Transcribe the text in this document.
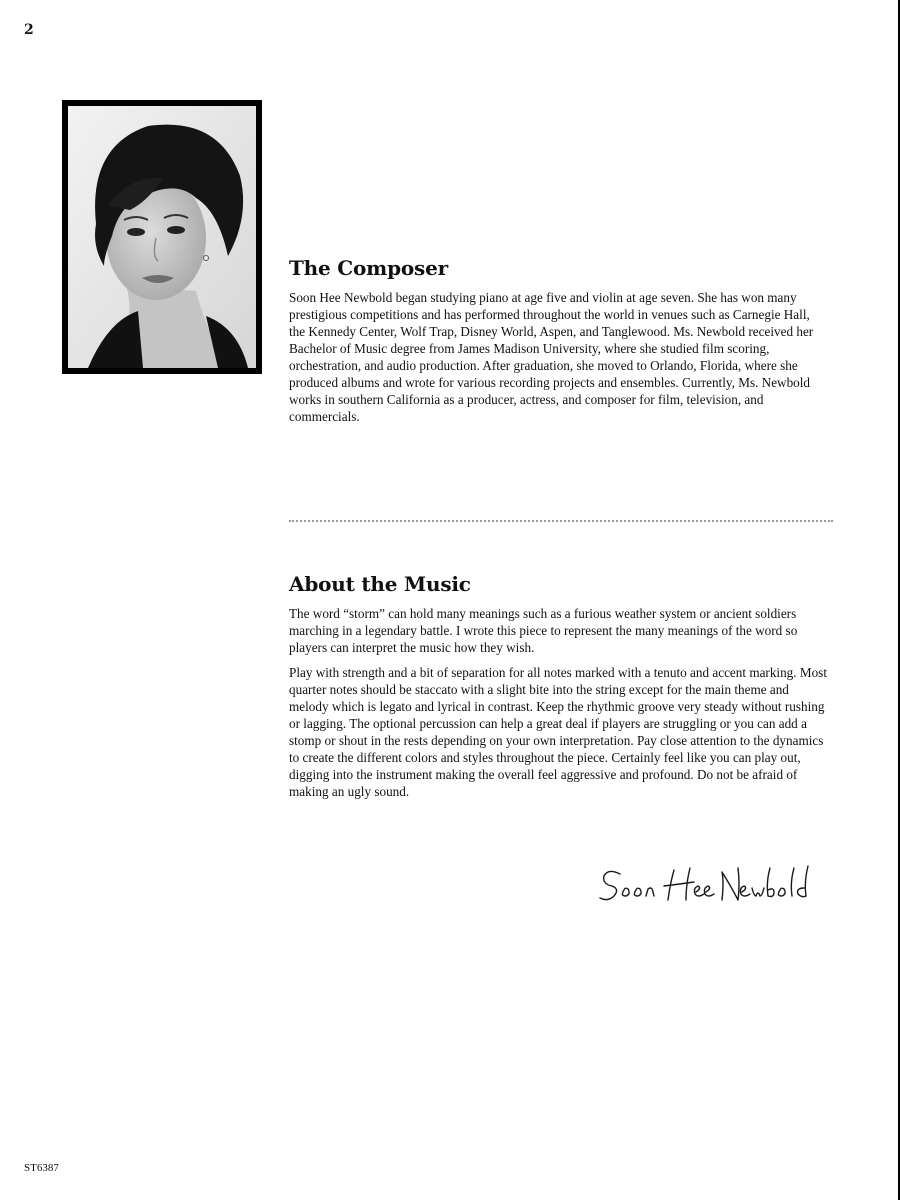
2
The Composer

Soon Hee Newbold began studying piano at age five and violin at age seven. She has won many prestigious competitions and has performed throughout the world in venues such as Carnegie Hall, the Kennedy Center, Wolf Trap, Disney World, Aspen, and Tanglewood. Ms. Newbold received her Bachelor of Music degree from James Madison University, where she studied film scoring, orchestration, and audio production. After graduation, she moved to Orlando, Florida, where she produced albums and wrote for various recording projects and ensembles. Currently, Ms. Newbold works in southern California as a producer, actress, and composer for film, television, and commercials.

About the Music

The word “storm” can hold many meanings such as a furious weather system or ancient soldiers marching in a legendary battle. I wrote this piece to represent the many meanings of the word so players can interpret the music how they wish.

Play with strength and a bit of separation for all notes marked with a tenuto and accent marking. Most quarter notes should be staccato with a slight bite into the string except for the main theme and melody which is legato and lyrical in contrast. Keep the rhythmic groove very steady without rushing or lagging. The optional percussion can help a great deal if players are struggling or you can add a stomp or shout in the rests depending on your own interpretation. Pay close attention to the dynamics to create the different colors and styles throughout the piece. Certainly feel like you can play out, digging into the instrument making the overall feel aggressive and profound. Do not be afraid of making an ugly sound.

ST6387
